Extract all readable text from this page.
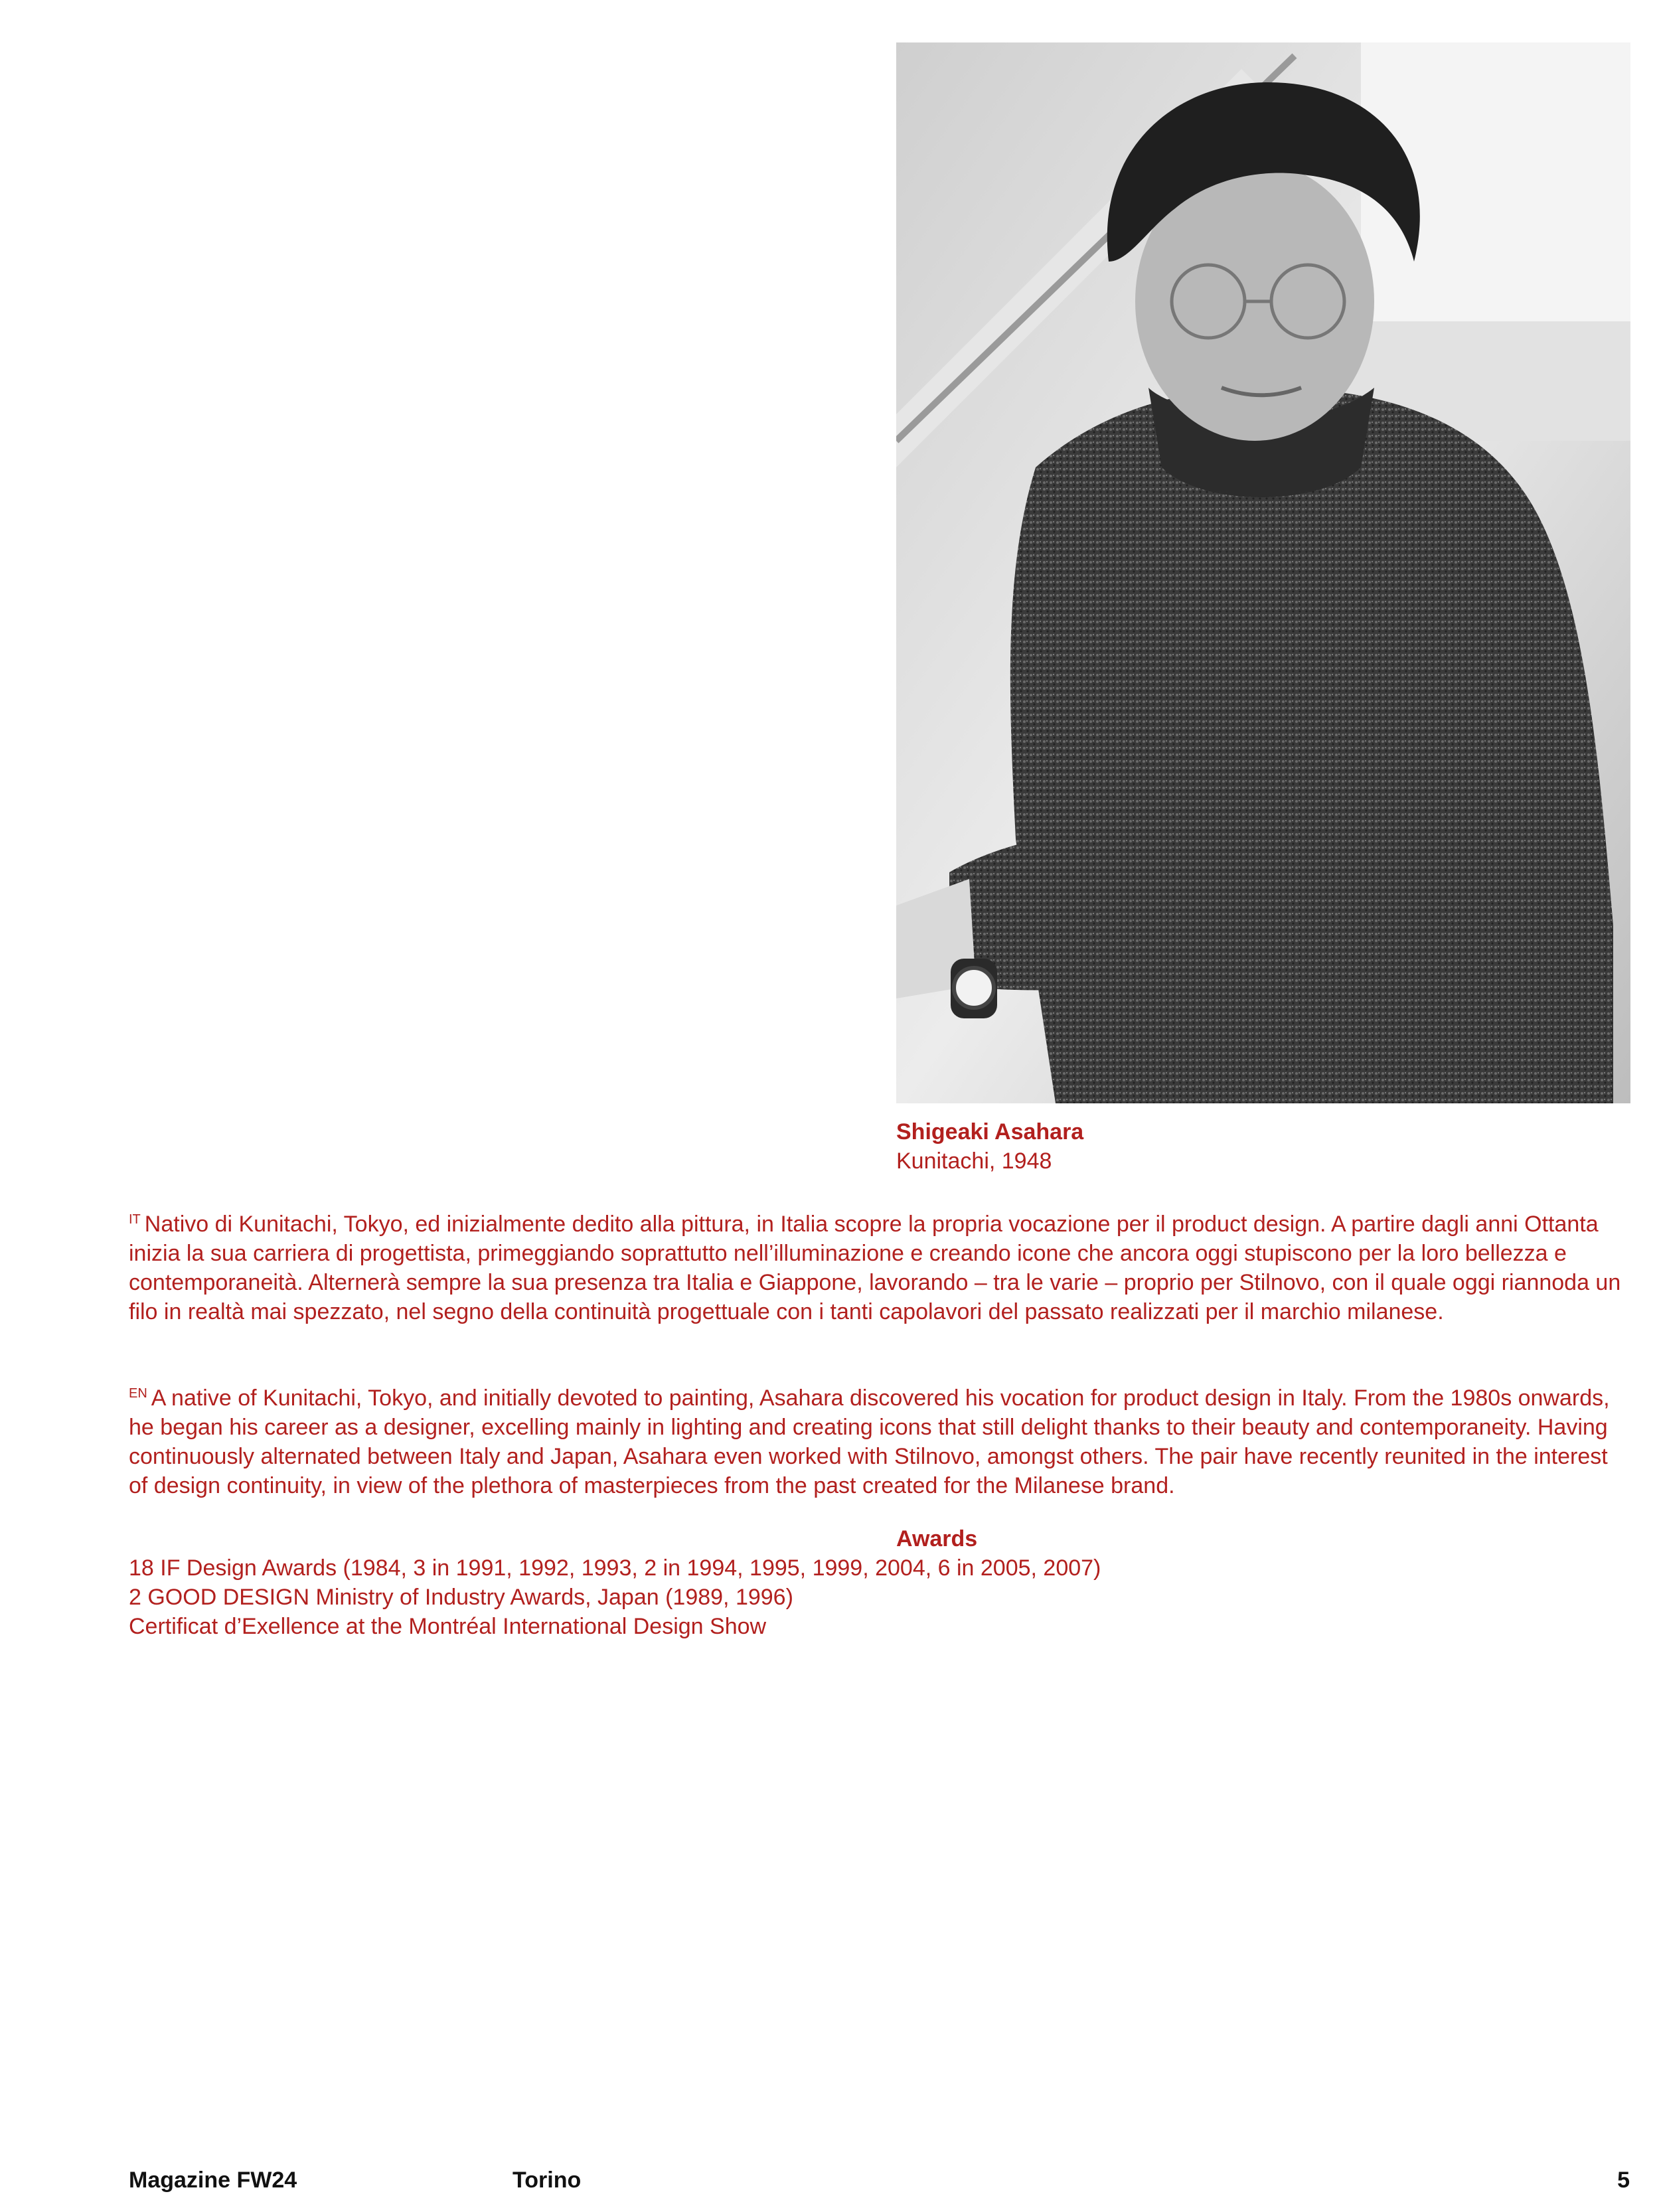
Shigeaki Asahara
Kunitachi, 1948

$^{IT}$ Nativo di Kunitachi, Tokyo, ed inizialmente dedito alla pittura, in Italia scopre la propria vocazione per il product design. A partire dagli anni Ottanta inizia la sua carriera di progettista, primeggiando soprattutto nell’illuminazione e creando icone che ancora oggi stupiscono per la loro bellezza e contemporaneità. Alternerà sempre la sua presenza tra Italia e Giappone, lavorando – tra le varie – proprio per Stilnovo, con il quale oggi riannoda un filo in realtà mai spezzato, nel segno della continuità progettuale con i tanti capolavori del passato realizzati per il marchio milanese.

$^{EN}$ A native of Kunitachi, Tokyo, and initially devoted to painting, Asahara discovered his vocation for product design in Italy. From the 1980s onwards, he began his career as a designer, excelling mainly in lighting and creating icons that still delight thanks to their beauty and contemporaneity. Having continuously alternated between Italy and Japan, Asahara even worked with Stilnovo, amongst others. The pair have recently reunited in the interest of design continuity, in view of the plethora of masterpieces from the past created for the Milanese brand.

Awards
18 IF Design Awards (1984, 3 in 1991, 1992, 1993, 2 in 1994, 1995, 1999, 2004, 6 in 2005, 2007)
2 GOOD DESIGN Ministry of Industry Awards, Japan (1989, 1996)
Certificat d’Exellence at the Montréal International Design Show
Magazine FW24	Torino	5
